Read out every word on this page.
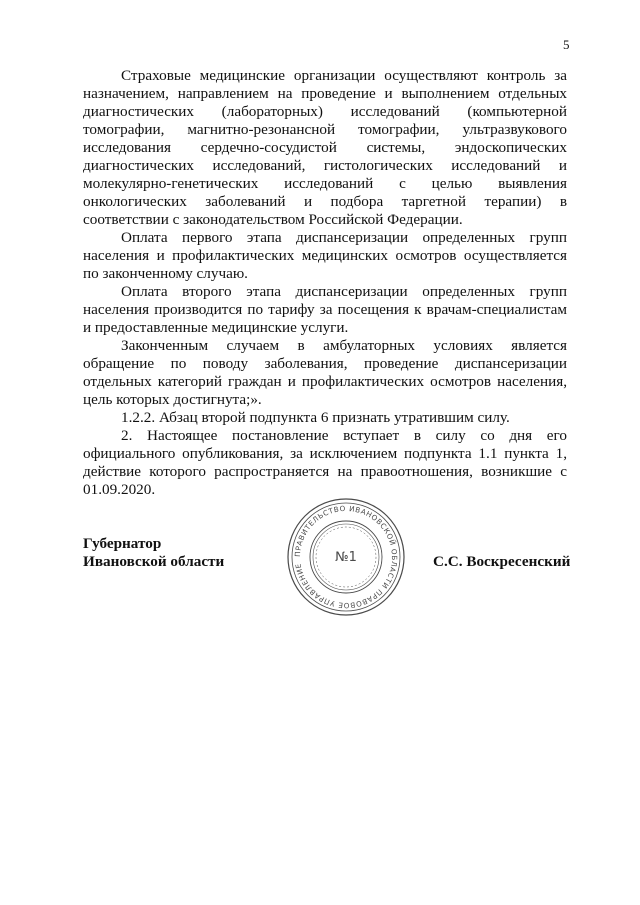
5

Страховые медицинские организации осуществляют контроль за назначением, направлением на проведение и выполнением отдельных диагностических (лабораторных) исследований (компьютерной томографии, магнитно-резонансной томографии, ультразвукового исследования сердечно-сосудистой системы, эндоскопических диагностических исследований, гистологических исследований и молекулярно-генетических исследований с целью выявления онкологических заболеваний и подбора таргетной терапии) в соответствии с законодательством Российской Федерации.

Оплата первого этапа диспансеризации определенных групп населения и профилактических медицинских осмотров осуществляется по законченному случаю.

Оплата второго этапа диспансеризации определенных групп населения производится по тарифу за посещения к врачам-специалистам и предоставленные медицинские услуги.

Законченным случаем в амбулаторных условиях является обращение по поводу заболевания, проведение диспансеризации отдельных категорий граждан и профилактических осмотров населения, цель которых достигнута;».

1.2.2. Абзац второй подпункта 6 признать утратившим силу.

2. Настоящее постановление вступает в силу со дня его официального опубликования, за исключением подпункта 1.1 пункта 1, действие которого распространяется на правоотношения, возникшие с 01.09.2020.

Губернатор
Ивановской области	ПРАВИТЕЛЬСТВО ИВАНОВСКОЙ ОБЛАСТИ ПРАВОВОЕ УПРАВЛЕНИЕ
№1	С.С. Воскресенский
